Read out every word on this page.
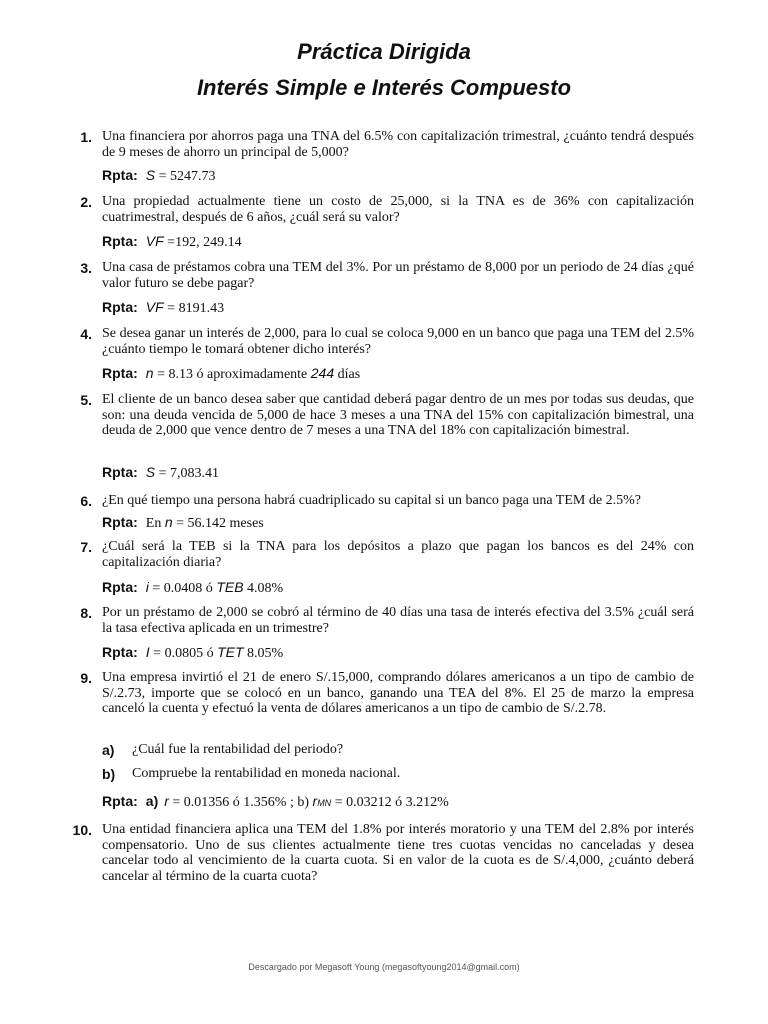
Práctica Dirigida
Interés Simple e Interés Compuesto
1. Una financiera por ahorros paga una TNA del 6.5% con capitalización trimestral, ¿cuánto tendrá después de 9 meses de ahorro un principal de 5,000?
Rpta: S = 5247.73
2. Una propiedad actualmente tiene un costo de 25,000, si la TNA es de 36% con capitalización cuatrimestral, después de 6 años, ¿cuál será su valor?
Rpta: VF =192, 249.14
3. Una casa de préstamos cobra una TEM del 3%. Por un préstamo de 8,000 por un periodo de 24 días ¿qué valor futuro se debe pagar?
Rpta: VF = 8191.43
4. Se desea ganar un interés de 2,000, para lo cual se coloca 9,000 en un banco que paga una TEM del 2.5% ¿cuánto tiempo le tomará obtener dicho interés?
Rpta: n = 8.13 ó aproximadamente 244 días
5. El cliente de un banco desea saber que cantidad deberá pagar dentro de un mes por todas sus deudas, que son: una deuda vencida de 5,000 de hace 3 meses a una TNA del 15% con capitalización bimestral, una deuda de 2,000 que vence dentro de 7 meses a una TNA del 18% con capitalización bimestral.
Rpta: S = 7,083.41
6. ¿En qué tiempo una persona habrá cuadriplicado su capital si un banco paga una TEM de 2.5%?
Rpta: En n = 56.142 meses
7. ¿Cuál será la TEB si la TNA para los depósitos a plazo que pagan los bancos es del 24% con capitalización diaria?
Rpta: i = 0.0408 ó TEB 4.08%
8. Por un préstamo de 2,000 se cobró al término de 40 días una tasa de interés efectiva del 3.5% ¿cuál será la tasa efectiva aplicada en un trimestre?
Rpta: I = 0.0805 ó TET 8.05%
9. Una empresa invirtió el 21 de enero S/.15,000, comprando dólares americanos a un tipo de cambio de S/.2.73, importe que se colocó en un banco, ganando una TEA del 8%. El 25 de marzo la empresa canceló la cuenta y efectuó la venta de dólares americanos a un tipo de cambio de S/.2.78.
a)	¿Cuál fue la rentabilidad del periodo?
b)	Compruebe la rentabilidad en moneda nacional.
Rpta: a) r = 0.01356 ó 1.356% ; b) rMN = 0.03212 ó 3.212%
10. Una entidad financiera aplica una TEM del 1.8% por interés moratorio y una TEM del 2.8% por interés compensatorio. Uno de sus clientes actualmente tiene tres cuotas vencidas no canceladas y desea cancelar todo al vencimiento de la cuarta cuota. Si en valor de la cuota es de S/.4,000, ¿cuánto deberá cancelar al término de la cuarta cuota?
Descargado por Megasoft Young (megasoftyoung2014@gmail.com)
